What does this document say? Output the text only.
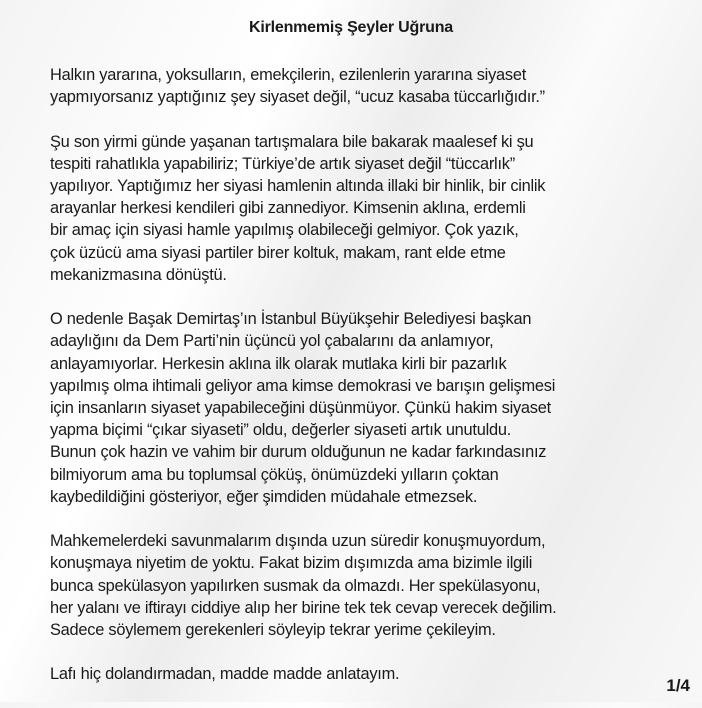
Kirlenmemiş Şeyler Uğruna

Halkın yararına, yoksulların, emekçilerin, ezilenlerin yararına siyaset
yapmıyorsanız yaptığınız şey siyaset değil, “ucuz kasaba tüccarlığıdır.”

Şu son yirmi günde yaşanan tartışmalara bile bakarak maalesef ki şu
tespiti rahatlıkla yapabiliriz; Türkiye’de artık siyaset değil “tüccarlık”
yapılıyor. Yaptığımız her siyasi hamlenin altında illaki bir hinlik, bir cinlik
arayanlar herkesi kendileri gibi zannediyor. Kimsenin aklına, erdemli
bir amaç için siyasi hamle yapılmış olabileceği gelmiyor. Çok yazık,
çok üzücü ama siyasi partiler birer koltuk, makam, rant elde etme
mekanizmasına dönüştü.

O nedenle Başak Demirtaş’ın İstanbul Büyükşehir Belediyesi başkan
adaylığını da Dem Parti’nin üçüncü yol çabalarını da anlamıyor,
anlayamıyorlar. Herkesin aklına ilk olarak mutlaka kirli bir pazarlık
yapılmış olma ihtimali geliyor ama kimse demokrasi ve barışın gelişmesi
için insanların siyaset yapabileceğini düşünmüyor. Çünkü hakim siyaset
yapma biçimi “çıkar siyaseti” oldu, değerler siyaseti artık unutuldu.
Bunun çok hazin ve vahim bir durum olduğunun ne kadar farkındasınız
bilmiyorum ama bu toplumsal çöküş, önümüzdeki yılların çoktan
kaybedildiğini gösteriyor, eğer şimdiden müdahale etmezsek.

Mahkemelerdeki savunmalarım dışında uzun süredir konuşmuyordum,
konuşmaya niyetim de yoktu. Fakat bizim dışımızda ama bizimle ilgili
bunca spekülasyon yapılırken susmak da olmazdı. Her spekülasyonu,
her yalanı ve iftirayı ciddiye alıp her birine tek tek cevap verecek değilim.
Sadece söylemem gerekenleri söyleyip tekrar yerime çekileyim.

Lafı hiç dolandırmadan, madde madde anlatayım.

1/4
